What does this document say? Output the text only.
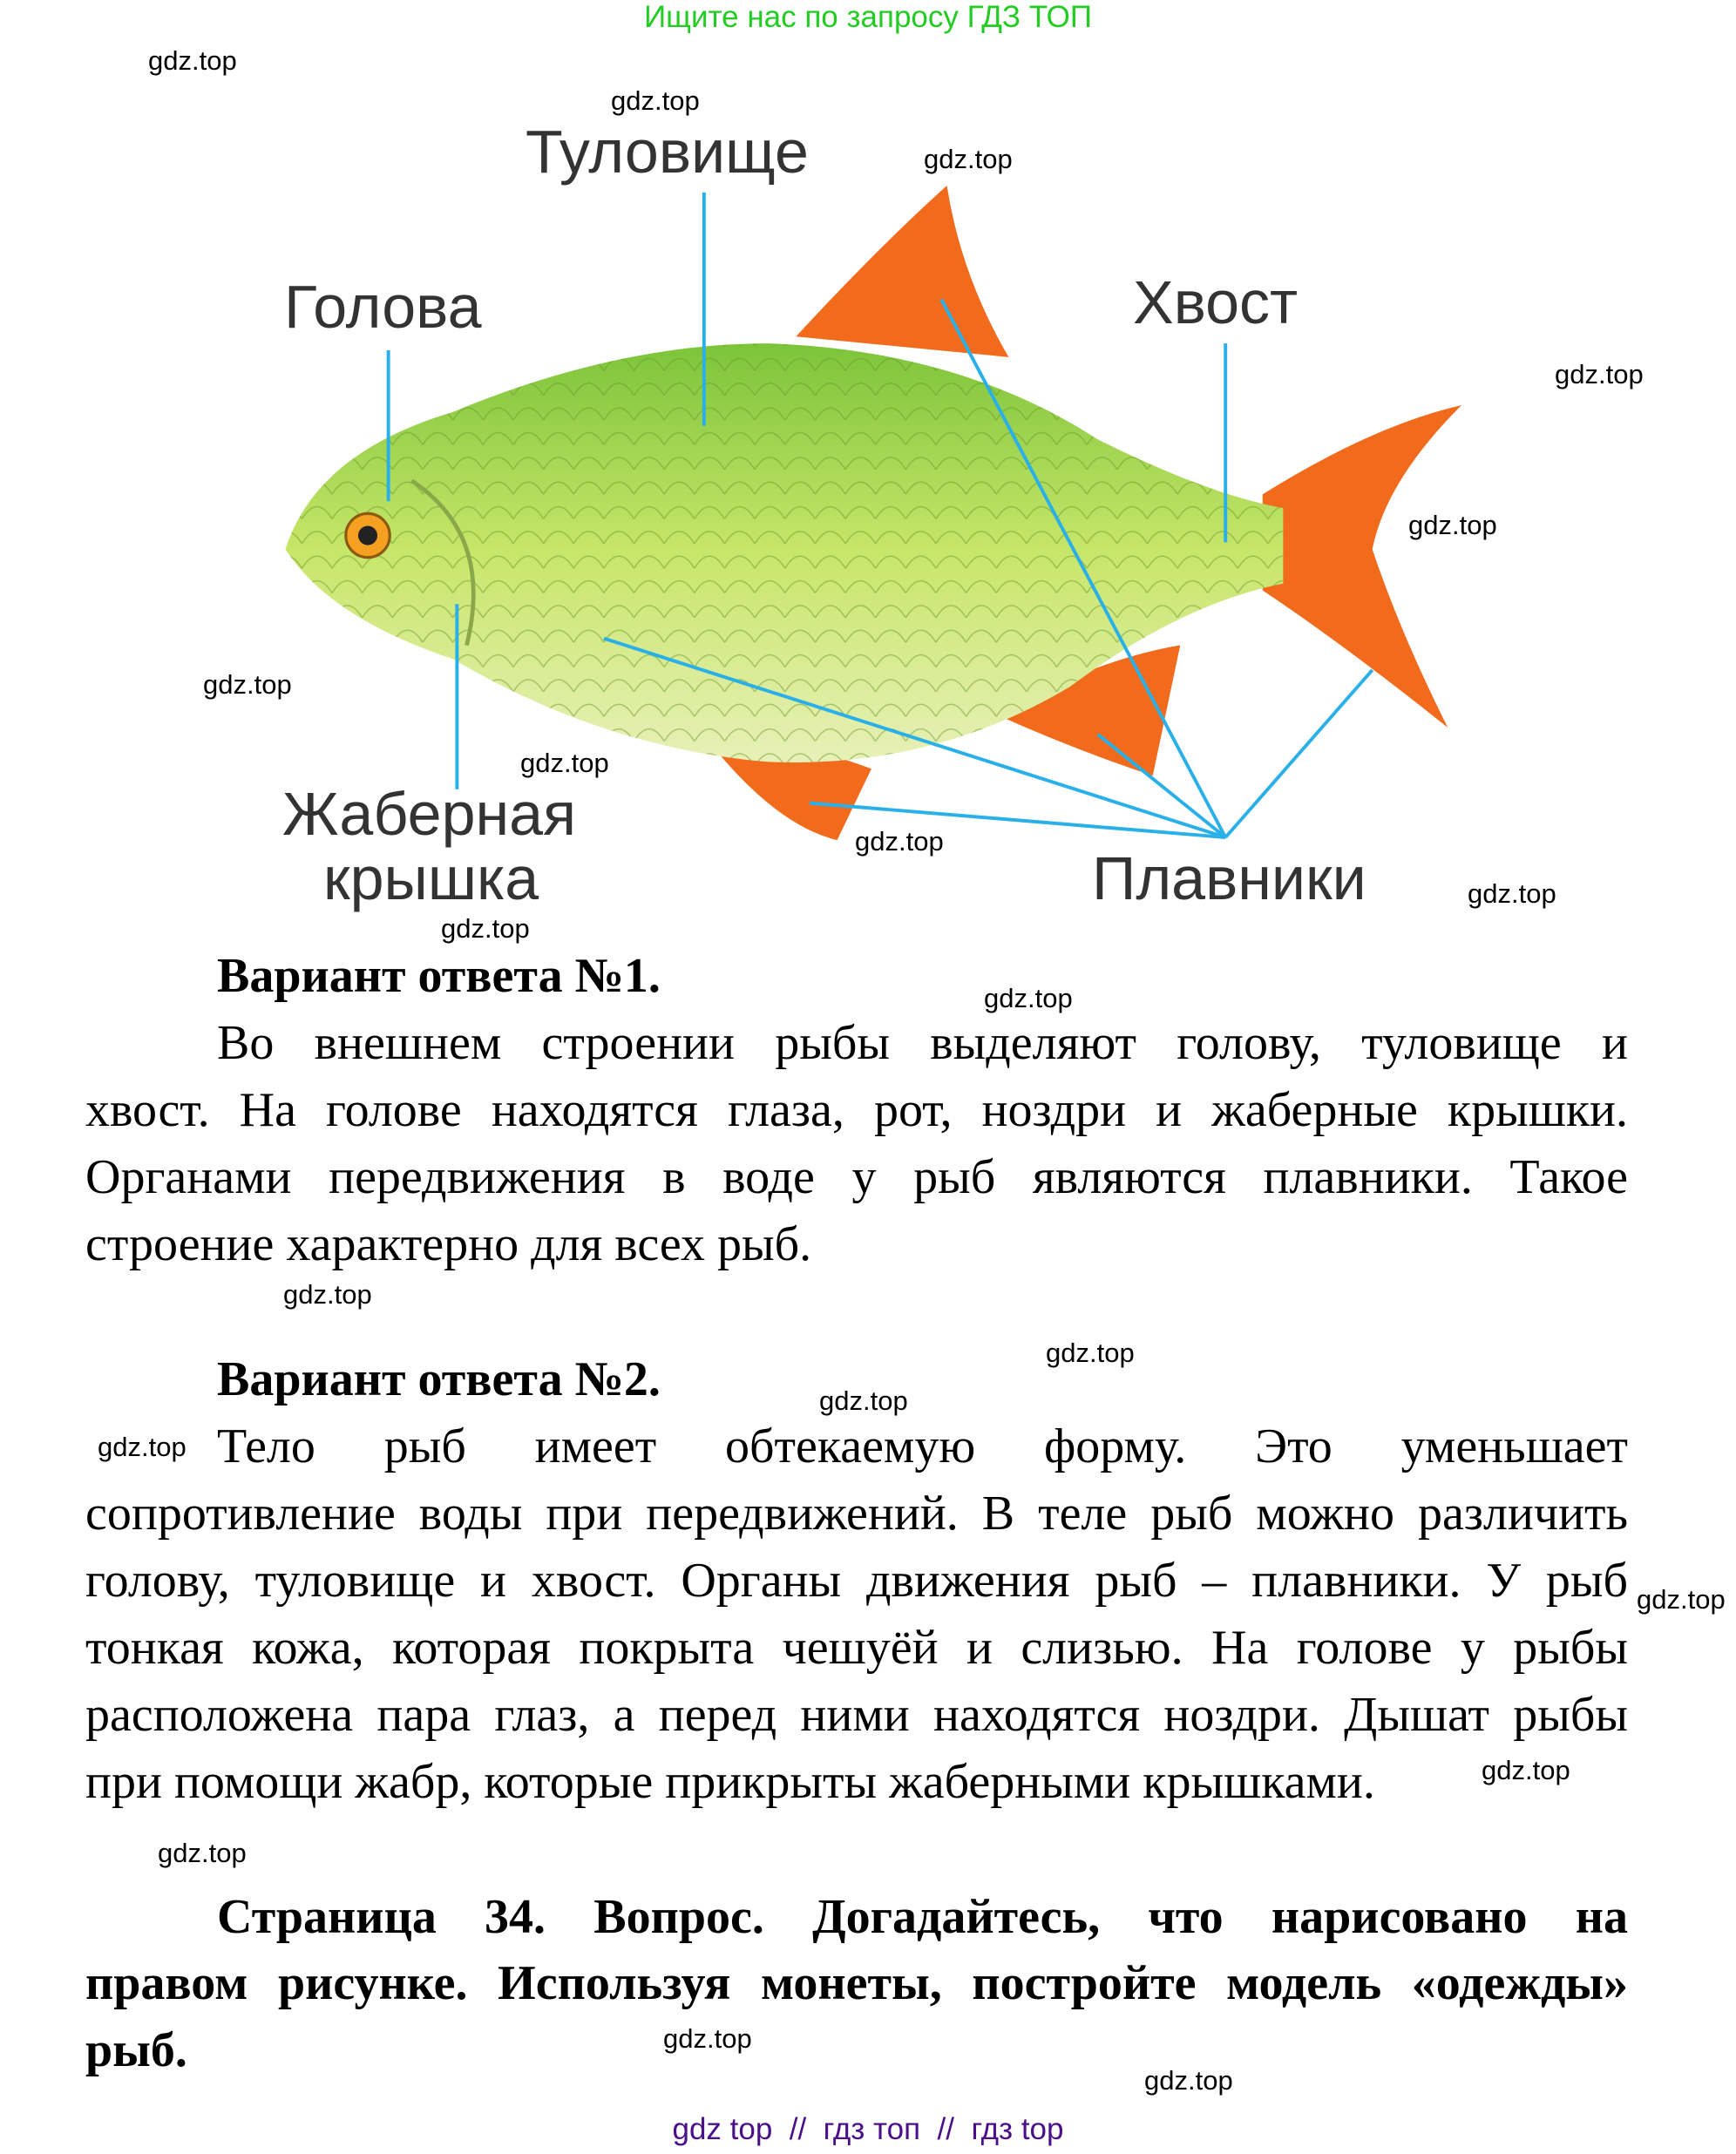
Ищите нас по запросу ГДЗ ТОП
Туловище
Голова	Хвост
Жаберная
крышка	Плавники
Вариант ответа №1.
Во внешнем строении рыбы выделяют голову, туловище и
хвост. На голове находятся глаза, рот, ноздри и жаберные крышки.
Органами передвижения в воде у рыб являются плавники. Такое
строение характерно для всех рыб.
Вариант ответа №2.
Тело рыб имеет обтекаемую форму. Это уменьшает
сопротивление воды при передвижений. В теле рыб можно различить
голову, туловище и хвост. Органы движения рыб – плавники. У рыб
тонкая кожа, которая покрыта чешуёй и слизью. На голове у рыбы
расположена пара глаз, а перед ними находятся ноздри. Дышат рыбы
при помощи жабр, которые прикрыты жаберными крышками.
Страница 34. Вопрос. Догадайтесь, что нарисовано на
правом рисунке. Используя монеты, постройте модель «одежды»
рыб.
gdz.top
gdz.top
gdz.top
gdz.top
gdz.top
gdz.top
gdz.top
gdz.top
gdz.top
gdz.top
gdz.top
gdz.top
gdz.top
gdz.top
gdz.top
gdz.top
gdz.top
gdz.top
gdz.top
gdz.top
gdz top  //  гдз топ  //  гдз top
